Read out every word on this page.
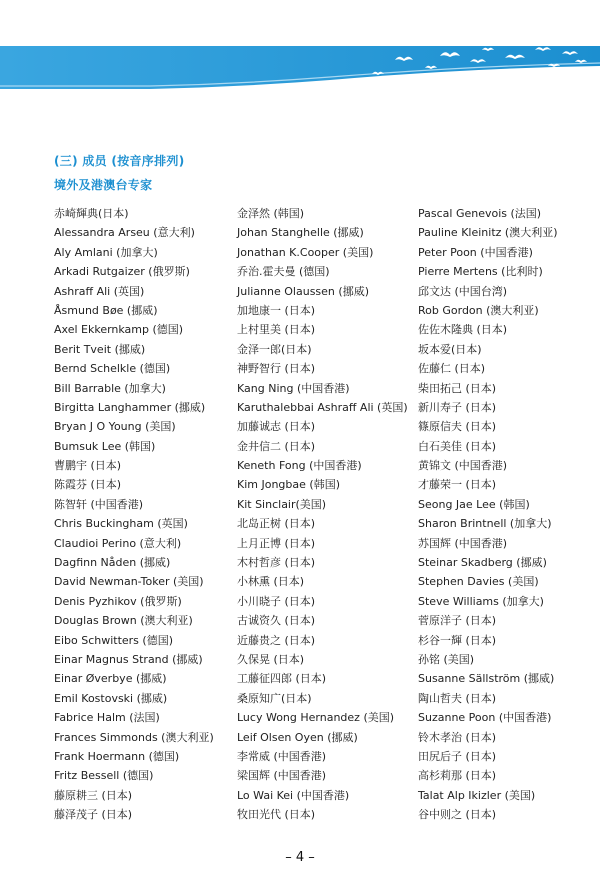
(三) 成员 (按音序排列)
境外及港澳台专家
赤崎輝典(日本)
Alessandra Arseu (意大利)
Aly Amlani (加拿大)
Arkadi Rutgaizer (俄罗斯)
Ashraff Ali (英国)
Åsmund Bøe (挪威)
Axel Ekkernkamp (德国)
Berit Tveit (挪威)
Bernd Schelkle (德国)
Bill Barrable (加拿大)
Birgitta Langhammer (挪威)
Bryan J O Young (美国)
Bumsuk Lee (韩国)
曹鹏宇 (日本)
陈霞芬 (日本)
陈智轩 (中国香港)
Chris Buckingham (英国)
Claudioi Perino (意大利)
Dagfinn Nåden (挪威)
David Newman-Toker (美国)
Denis Pyzhikov (俄罗斯)
Douglas Brown (澳大利亚)
Eibo Schwitters (德国)
Einar Magnus Strand (挪威)
Einar Øverbye (挪威)
Emil Kostovski (挪威)
Fabrice Halm (法国)
Frances Simmonds (澳大利亚)
Frank Hoermann (德国)
Fritz Bessell (德国)
藤原耕三 (日本)
藤泽茂子 (日本)
金泽然 (韩国)
Johan Stanghelle (挪威)
Jonathan K.Cooper (美国)
乔治.霍夫曼 (德国)
Julianne Olaussen (挪威)
加地康一 (日本)
上村里美 (日本)
金泽一郎(日本)
神野智行 (日本)
Kang Ning (中国香港)
Karuthalebbai Ashraff Ali (英国)
加藤诚志 (日本)
金井信二 (日本)
Keneth Fong (中国香港)
Kim Jongbae (韩国)
Kit Sinclair(美国)
北岛正树 (日本)
上月正博 (日本)
木村哲彦 (日本)
小林熏 (日本)
小川晓子 (日本)
古诚资久 (日本)
近藤贵之 (日本)
久保晃 (日本)
工藤征四郎 (日本)
桑原知广(日本)
Lucy Wong Hernandez (美国)
Leif Olsen Oyen (挪威)
李常威 (中国香港)
梁国辉 (中国香港)
Lo Wai Kei (中国香港)
牧田光代 (日本)
Pascal Genevois (法国)
Pauline Kleinitz (澳大利亚)
Peter Poon (中国香港)
Pierre Mertens (比利时)
邱文达 (中国台湾)
Rob Gordon (澳大利亚)
佐佐木隆典 (日本)
坂本爱(日本)
佐藤仁 (日本)
柴田拓己 (日本)
新川寿子 (日本)
篠原信夫 (日本)
白石美佳 (日本)
黄锦文 (中国香港)
才藤荣一 (日本)
Seong Jae Lee (韩国)
Sharon Brintnell (加拿大)
苏国辉 (中国香港)
Steinar Skadberg (挪威)
Stephen Davies (美国)
Steve Williams (加拿大)
菅原洋子 (日本)
杉谷一輝 (日本)
孙铭 (美国)
Susanne Sällström (挪威)
陶山哲夫 (日本)
Suzanne Poon (中国香港)
铃木孝治 (日本)
田尻后子 (日本)
高杉莉那 (日本)
Talat Alp Ikizler (美国)
谷中则之 (日本)
– 4 –
